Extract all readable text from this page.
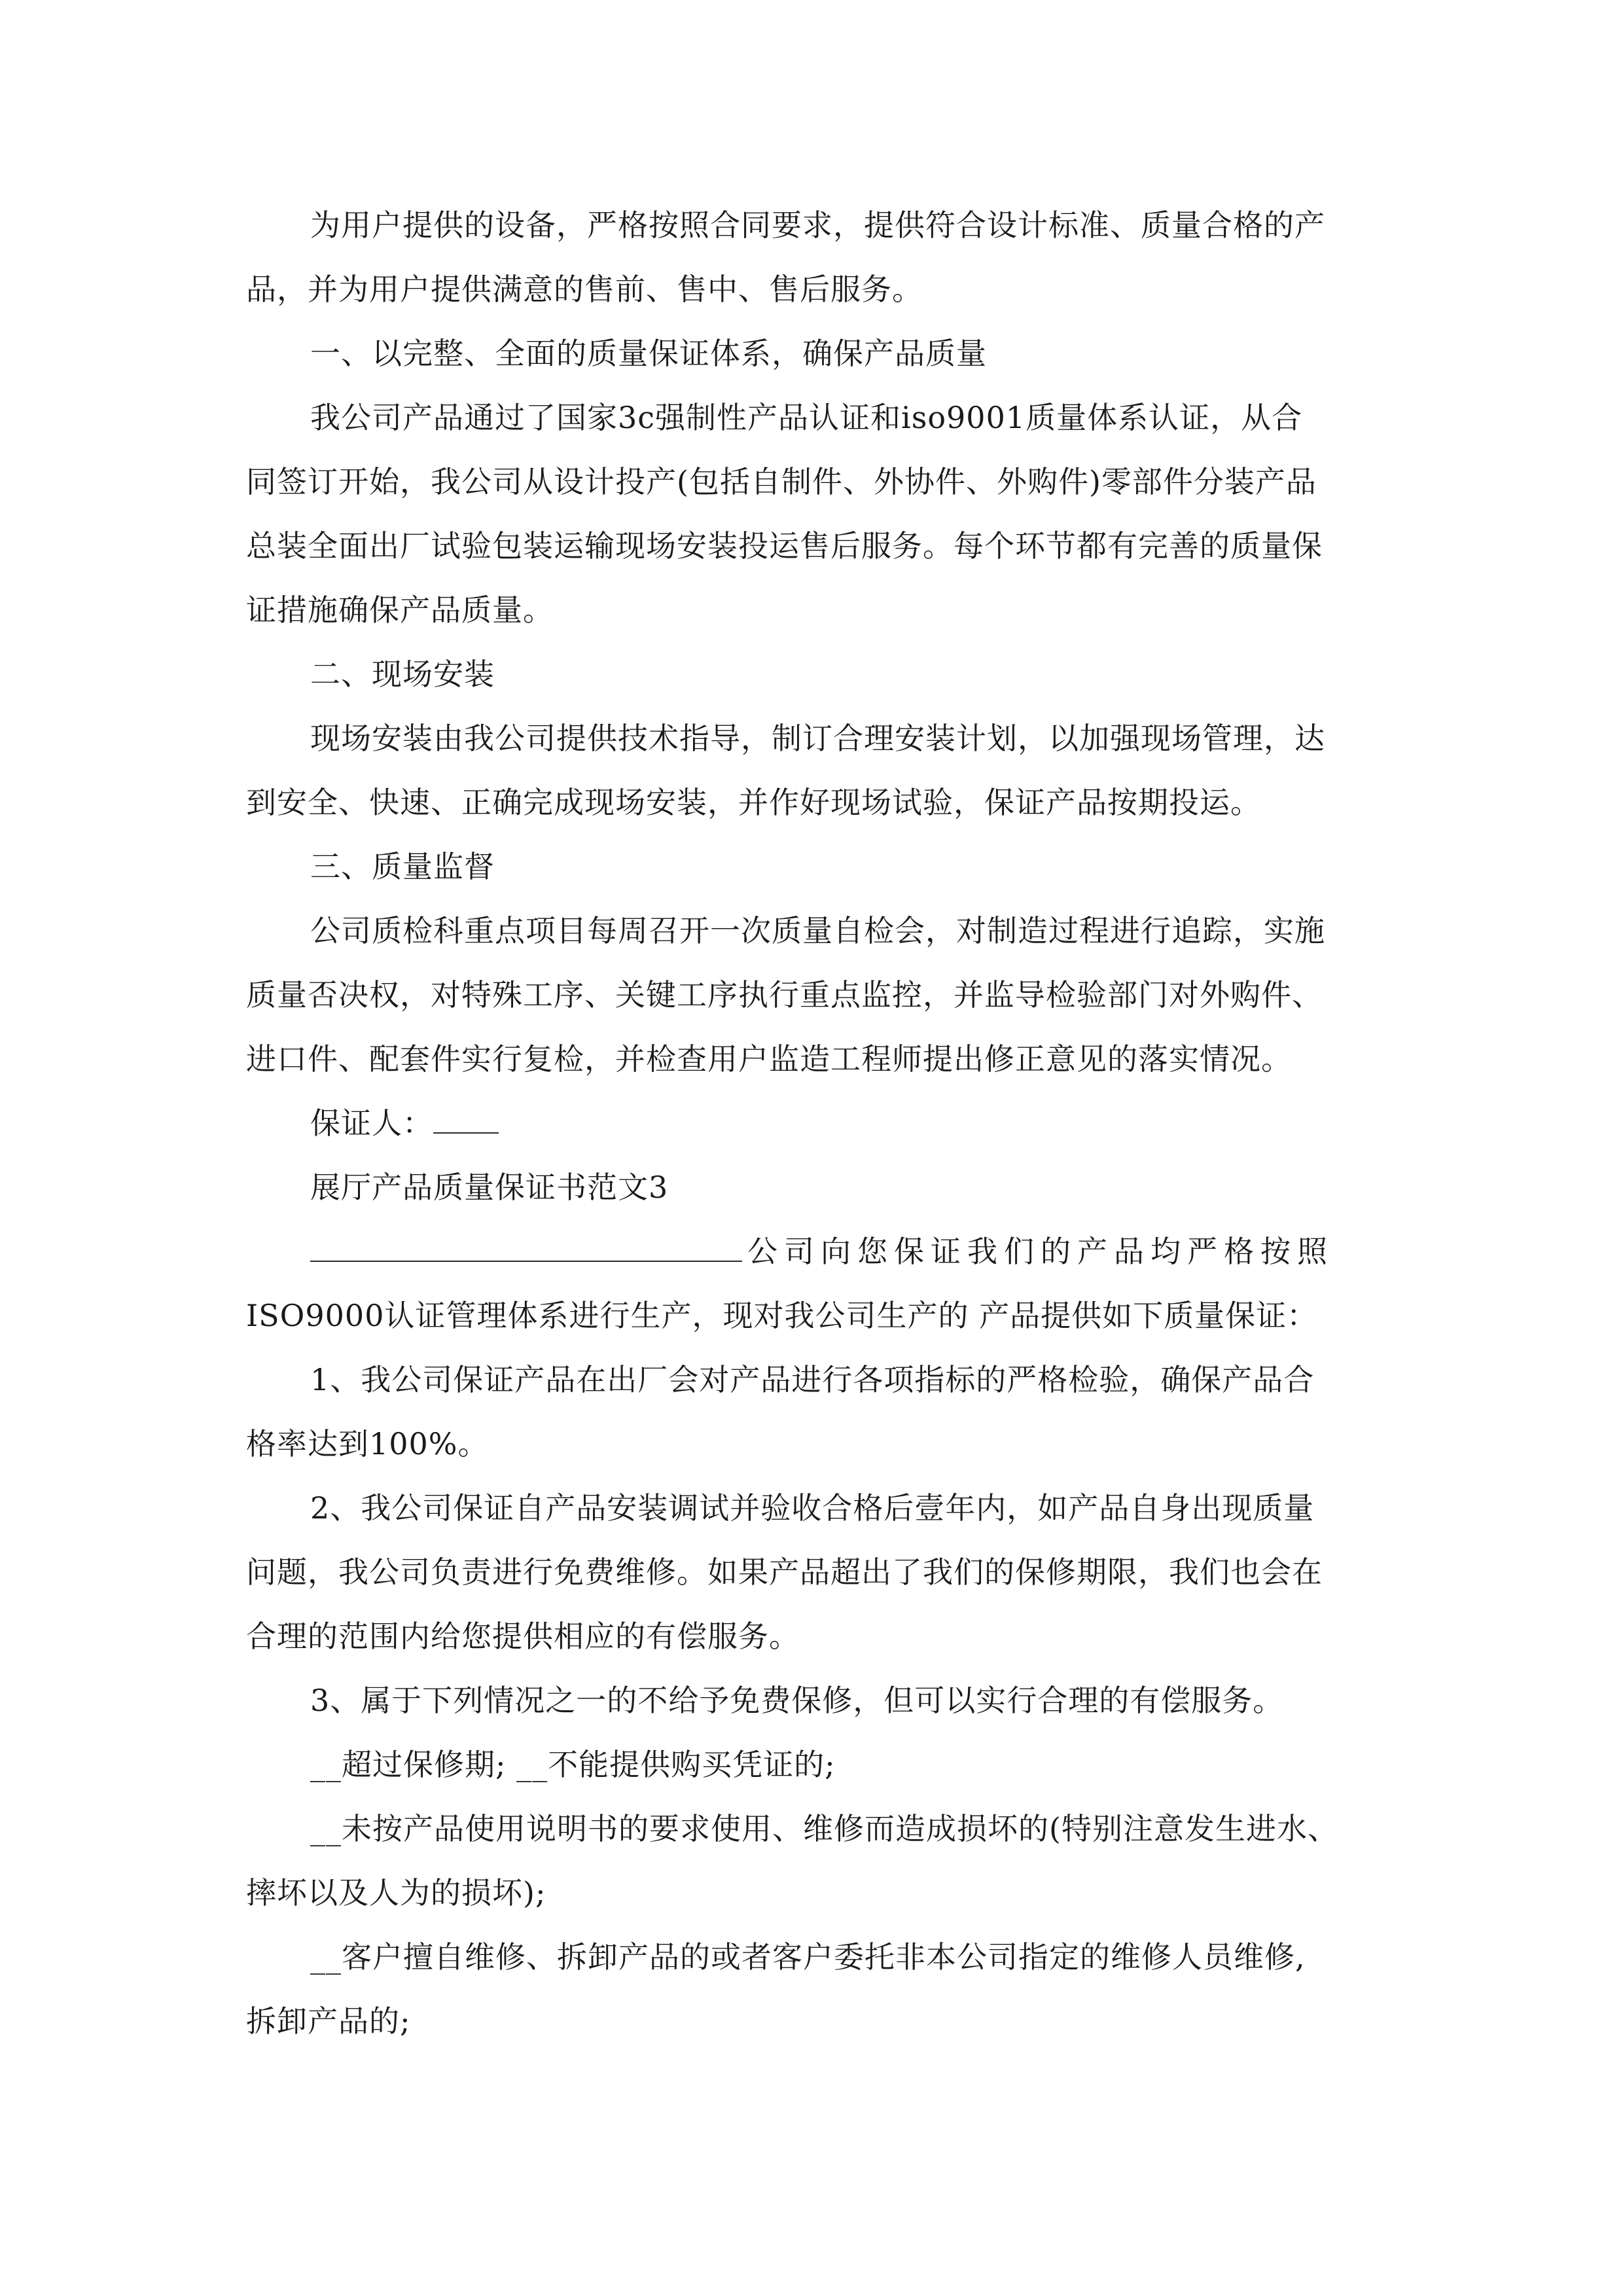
为用户提供的设备，严格按照合同要求，提供符合设计标准、质量合格的产
品，并为用户提供满意的售前、售中、售后服务。
一、以完整、全面的质量保证体系，确保产品质量
我公司产品通过了国家3c强制性产品认证和iso9001质量体系认证，从合
同签订开始，我公司从设计投产(包括自制件、外协件、外购件)零部件分装产品
总装全面出厂试验包装运输现场安装投运售后服务。每个环节都有完善的质量保
证措施确保产品质量。
二、现场安装
现场安装由我公司提供技术指导，制订合理安装计划，以加强现场管理，达
到安全、快速、正确完成现场安装，并作好现场试验，保证产品按期投运。
三、质量监督
公司质检科重点项目每周召开一次质量自检会，对制造过程进行追踪，实施
质量否决权，对特殊工序、关键工序执行重点监控，并监导检验部门对外购件、
进口件、配套件实行复检，并检查用户监造工程师提出修正意见的落实情况。
保证人：
展厅产品质量保证书范文3
公司向您保证我们的产品均严格按照
ISO9000认证管理体系进行生产，现对我公司生产的 产品提供如下质量保证：
1、我公司保证产品在出厂会对产品进行各项指标的严格检验，确保产品合
格率达到100%。
2、我公司保证自产品安装调试并验收合格后壹年内，如产品自身出现质量
问题，我公司负责进行免费维修。如果产品超出了我们的保修期限，我们也会在
合理的范围内给您提供相应的有偿服务。
3、属于下列情况之一的不给予免费保修，但可以实行合理的有偿服务。
__超过保修期; __不能提供购买凭证的;
__未按产品使用说明书的要求使用、维修而造成损坏的(特别注意发生进水、
摔坏以及人为的损坏);
__客户擅自维修、拆卸产品的或者客户委托非本公司指定的维修人员维修,
拆卸产品的;
